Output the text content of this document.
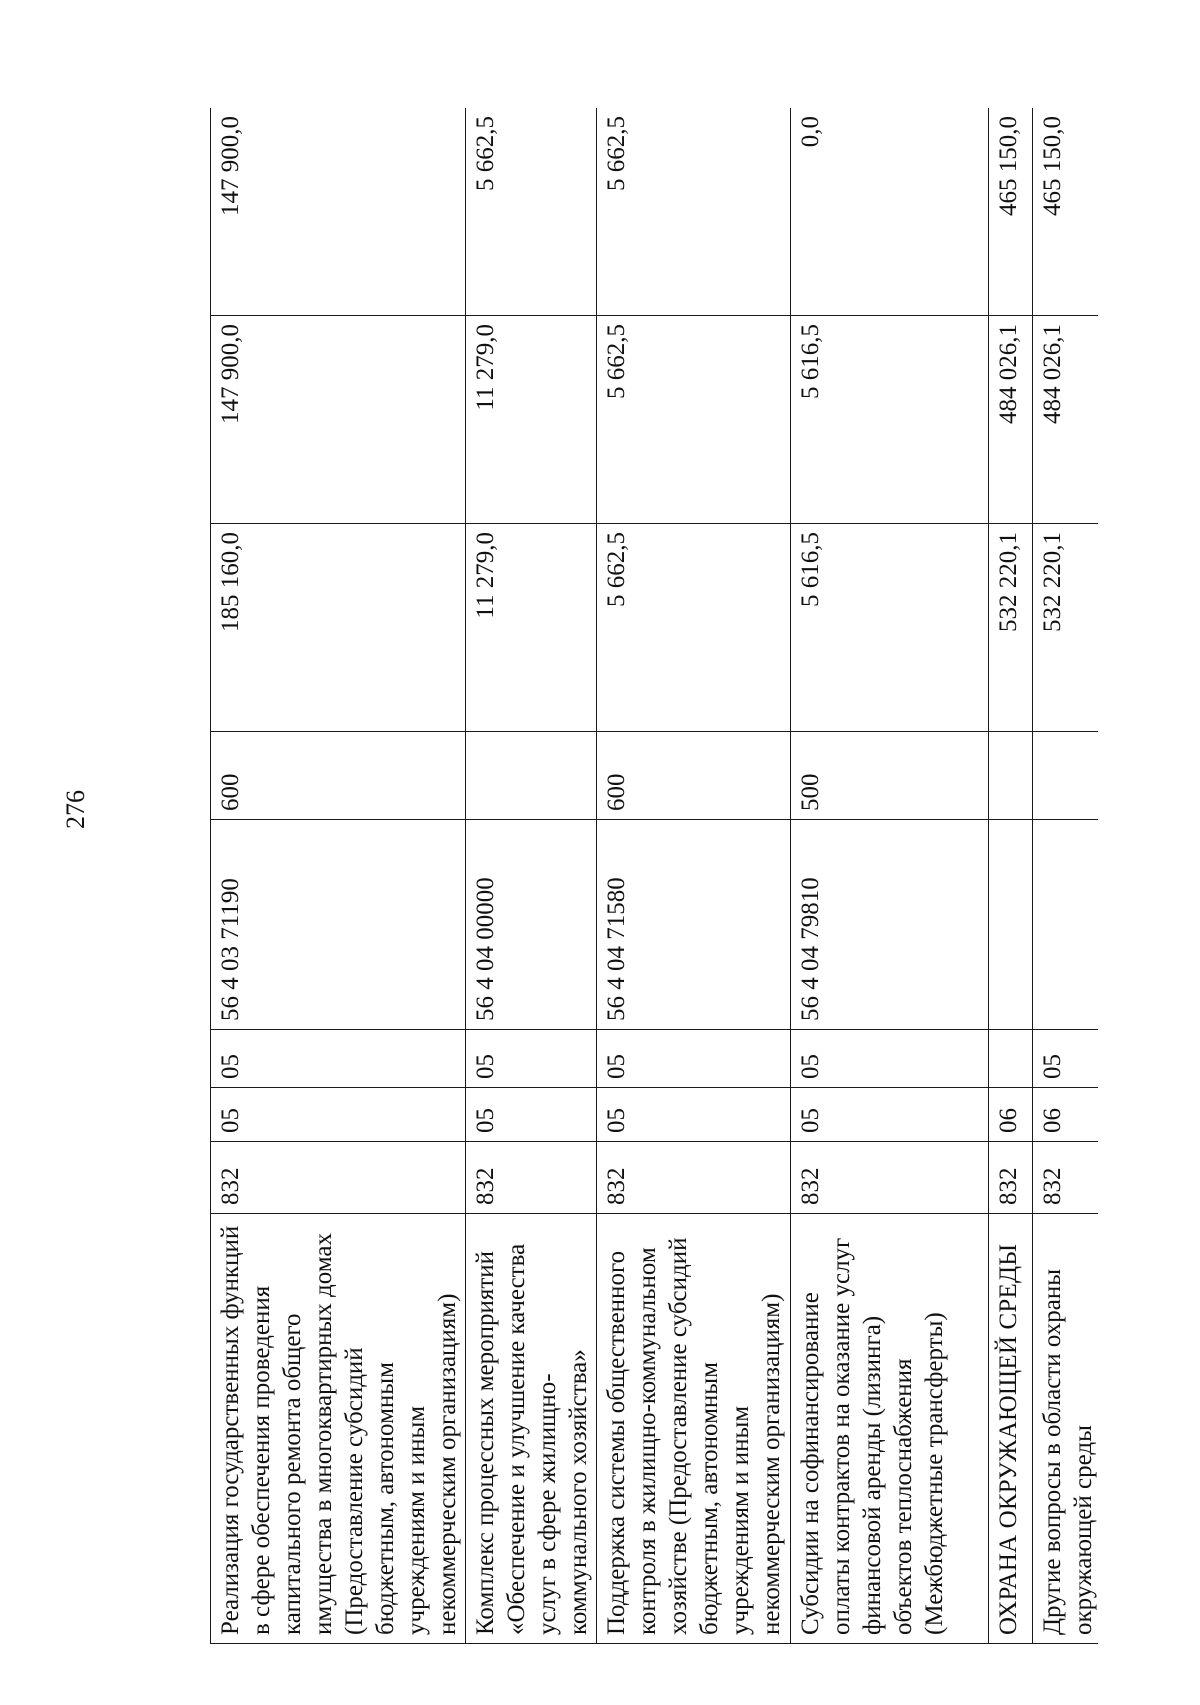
276
Реализация государственных функций в сфере обеспечения проведения капитального ремонта общего имущества в многоквартирных домах (Предоставление субсидий бюджетным, автономным учреждениям и иным некоммерческим организациям)	832	05	05	56 4 03 71190	600	185 160,0	147 900,0	147 900,0
Комплекс процессных мероприятий «Обеспечение и улучшение качества услуг в сфере жилищно-коммунального хозяйства»	832	05	05	56 4 04 00000		11 279,0	11 279,0	5 662,5
Поддержка системы общественного контроля в жилищно-коммунальном хозяйстве (Предоставление субсидий бюджетным, автономным учреждениям и иным некоммерческим организациям)	832	05	05	56 4 04 71580	600	5 662,5	5 662,5	5 662,5
Субсидии на софинансирование оплаты контрактов на оказание услуг финансовой аренды (лизинга) объектов теплоснабжения (Межбюджетные трансферты)	832	05	05	56 4 04 79810	500	5 616,5	5 616,5	0,0
ОХРАНА ОКРУЖАЮЩЕЙ СРЕДЫ	832	06				532 220,1	484 026,1	465 150,0
Другие вопросы в области охраны окружающей среды	832	06	05			532 220,1	484 026,1	465 150,0
